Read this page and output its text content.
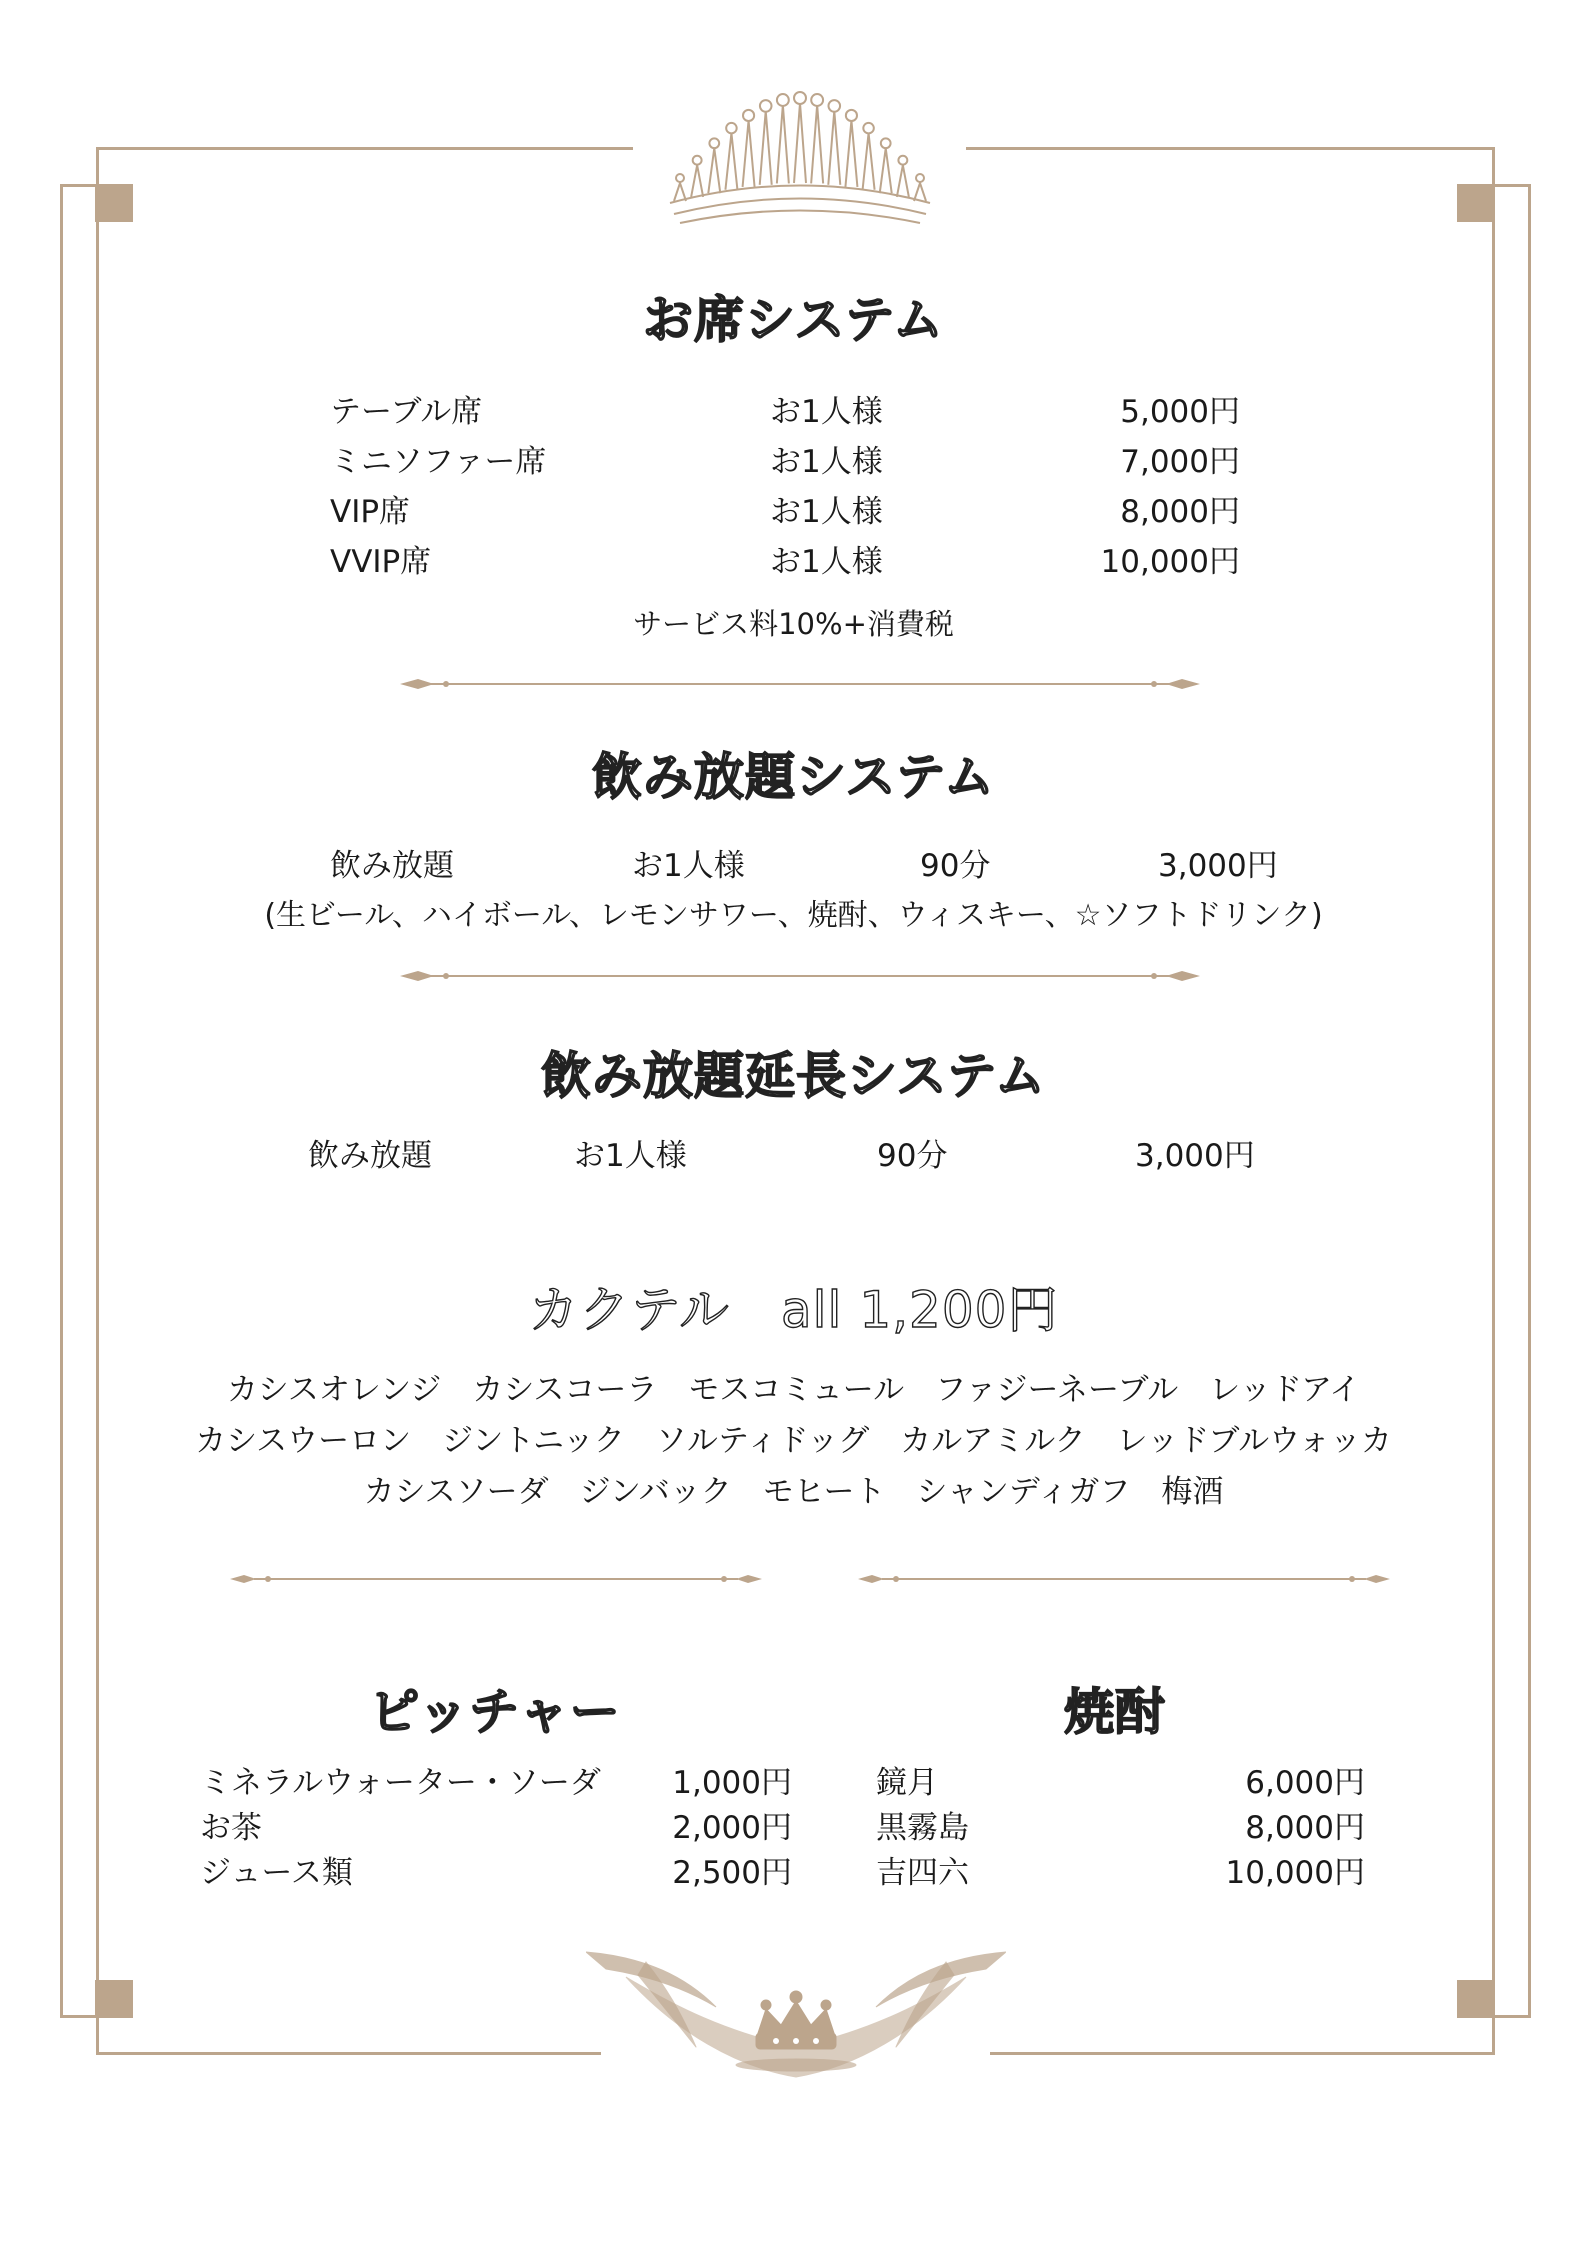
お席システム
テーブル席	お1人様	5,000円
ミニソファー席	お1人様	7,000円
VIP席	お1人様	8,000円
VVIP席	お1人様	10,000円
サービス料10%+消費税
飲み放題システム
飲み放題	お1人様	90分	3,000円
(生ビール、ハイボール、レモンサワー、焼酎、ウィスキー、☆ソフトドリンク)
飲み放題延長システム
飲み放題	お1人様	90分	3,000円
カクテル　all 1,200円
カシスオレンジ　カシスコーラ　モスコミュール　ファジーネーブル　レッドアイ
カシスウーロン　ジントニック　ソルティドッグ　カルアミルク　レッドブルウォッカ
カシスソーダ　ジンバック　モヒート　シャンディガフ　梅酒
ピッチャー
ミネラルウォーター・ソーダ	1,000円
お茶	2,000円
ジュース類	2,500円
焼酎
鏡月	6,000円
黒霧島	8,000円
吉四六	10,000円
